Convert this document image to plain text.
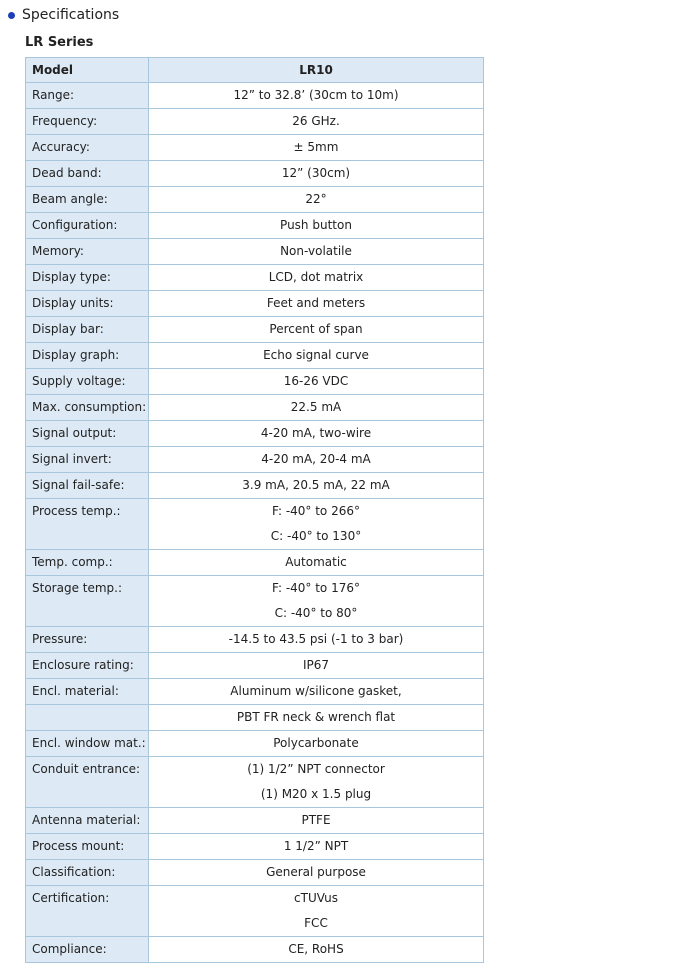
Specifications
LR Series
Model	LR10
Range:	12” to 32.8’ (30cm to 10m)

Frequency:	26 GHz.

Accuracy:	± 5mm

Dead band:	12” (30cm)

Beam angle:	22°

Configuration:	Push button

Memory:	Non-volatile

Display type:	LCD, dot matrix

Display units:	Feet and meters

Display bar:	Percent of span

Display graph:	Echo signal curve

Supply voltage:	16-26 VDC

Max. consumption:	22.5 mA

Signal output:	4-20 mA, two-wire

Signal invert:	4-20 mA, 20-4 mA

Signal fail-safe:	3.9 mA, 20.5 mA, 22 mA

Process temp.:	F: -40° to 266°
C: -40° to 130°

Temp. comp.:	Automatic

Storage temp.:	F: -40° to 176°
C: -40° to 80°

Pressure:	-14.5 to 43.5 psi (-1 to 3 bar)

Enclosure rating:	IP67

Encl. material:	Aluminum w/silicone gasket,

	PBT FR neck & wrench flat

Encl. window mat.:	Polycarbonate

Conduit entrance:	(1) 1/2” NPT connector
(1) M20 x 1.5 plug

Antenna material:	PTFE

Process mount:	1 1/2” NPT

Classification:	General purpose

Certification:	cTUVus
FCC

Compliance:	CE, RoHS
